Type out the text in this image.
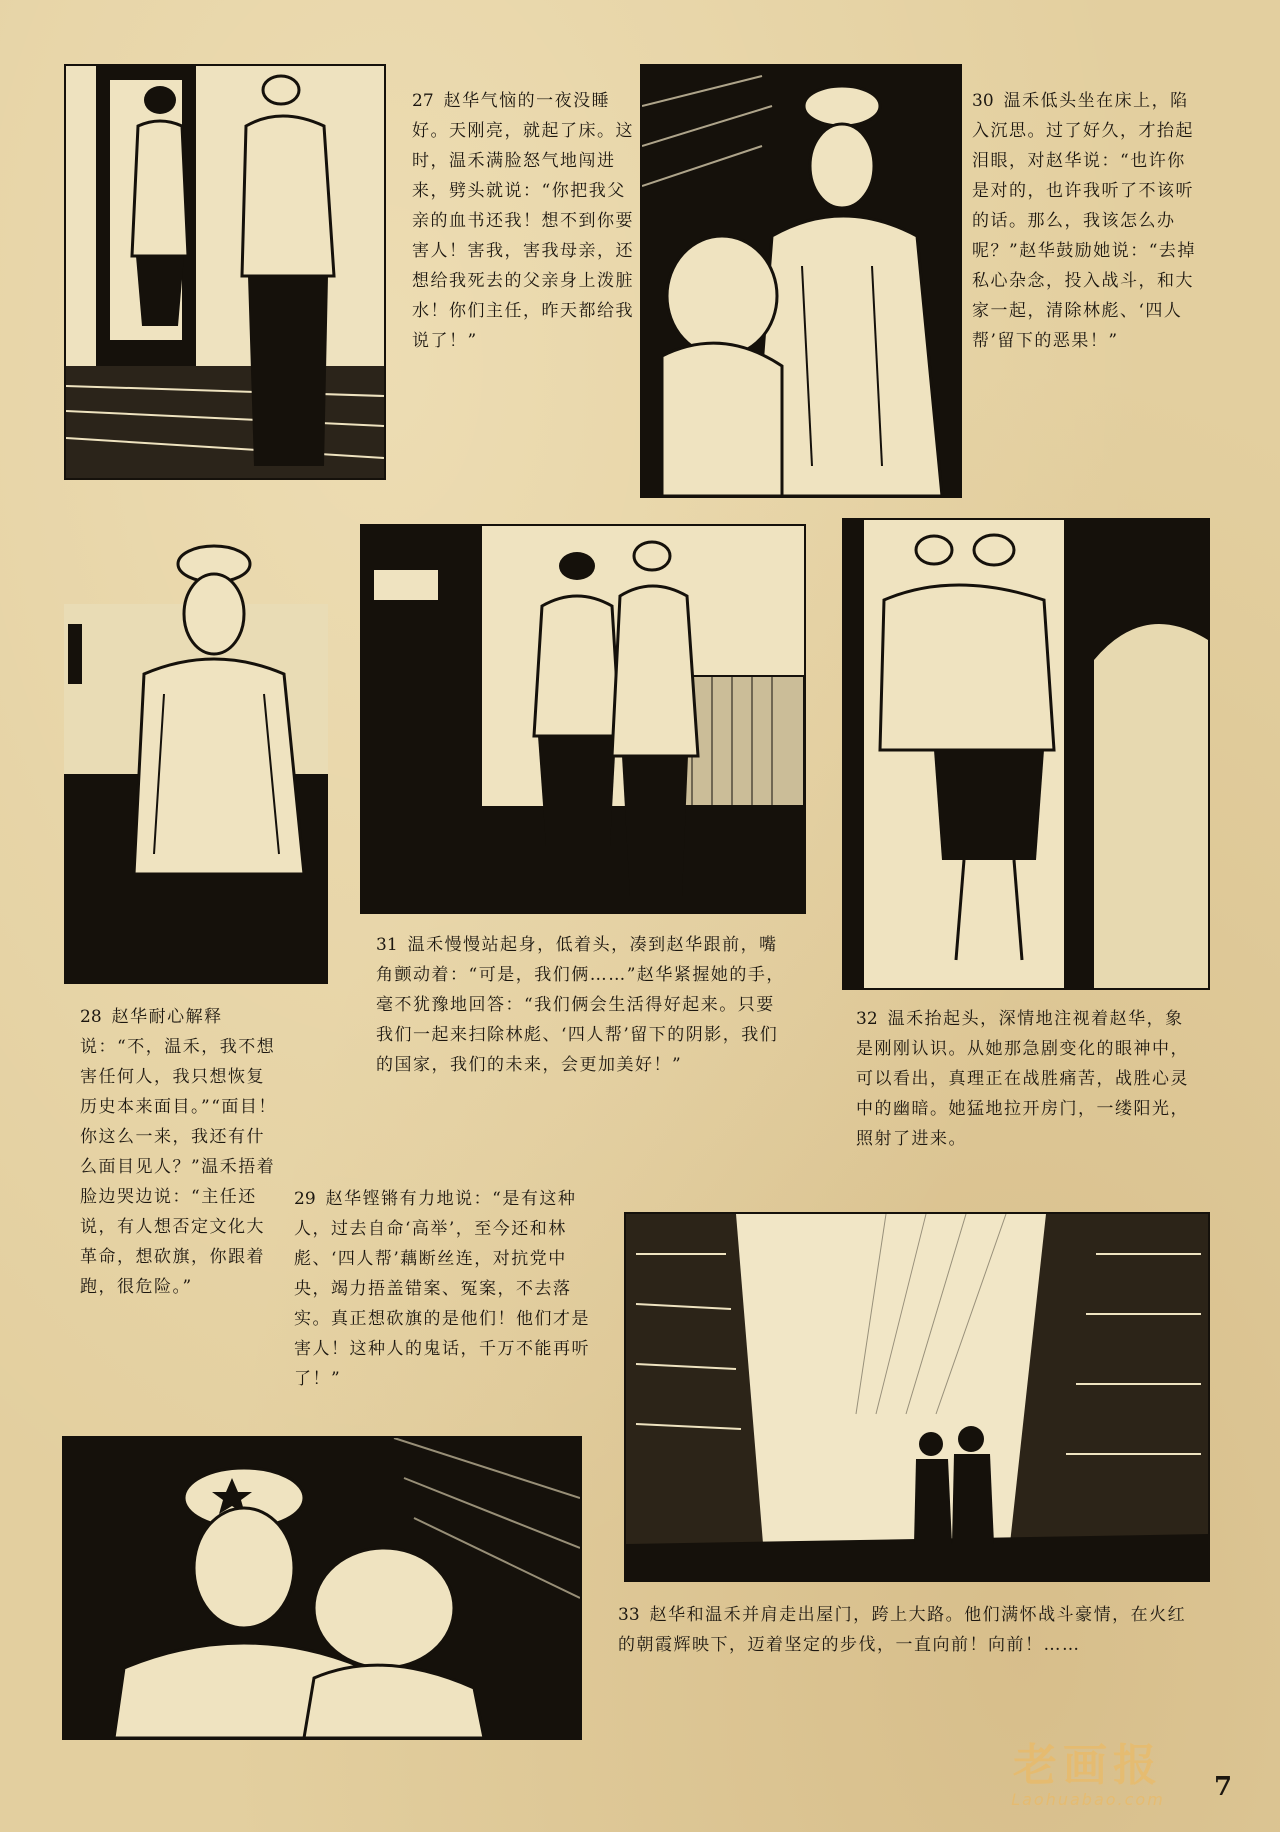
27 赵华气恼的一夜没睡好。天刚亮，就起了床。这时，温禾满脸怒气地闯进来，劈头就说：“你把我父亲的血书还我！想不到你要害人！害我，害我母亲，还想给我死去的父亲身上泼脏水！你们主任，昨天都给我说了！”
30 温禾低头坐在床上，陷入沉思。过了好久，才抬起泪眼，对赵华说：“也许你是对的，也许我听了不该听的话。那么，我该怎么办呢？”赵华鼓励她说：“去掉私心杂念，投入战斗，和大家一起，清除林彪、‘四人帮’留下的恶果！”
31 温禾慢慢站起身，低着头，凑到赵华跟前，嘴角颤动着：“可是，我们俩……”赵华紧握她的手，毫不犹豫地回答：“我们俩会生活得好起来。只要我们一起来扫除林彪、‘四人帮’留下的阴影，我们的国家，我们的未来，会更加美好！”
28 赵华耐心解释说：“不，温禾，我不想害任何人，我只想恢复历史本来面目。”“面目！你这么一来，我还有什么面目见人？”温禾捂着脸边哭边说：“主任还说，有人想否定文化大革命，想砍旗，你跟着跑，很危险。”
32 温禾抬起头，深情地注视着赵华，象是刚刚认识。从她那急剧变化的眼神中，可以看出，真理正在战胜痛苦，战胜心灵中的幽暗。她猛地拉开房门，一缕阳光，照射了进来。
29 赵华铿锵有力地说：“是有这种人，过去自命‘高举’，至今还和林彪、‘四人帮’藕断丝连，对抗党中央，竭力捂盖错案、冤案，不去落实。真正想砍旗的是他们！他们才是害人！这种人的鬼话，千万不能再听了！”
33 赵华和温禾并肩走出屋门，跨上大路。他们满怀战斗豪情，在火红的朝霞辉映下，迈着坚定的步伐，一直向前！向前！……
老画报
Laohuabao.com	7
